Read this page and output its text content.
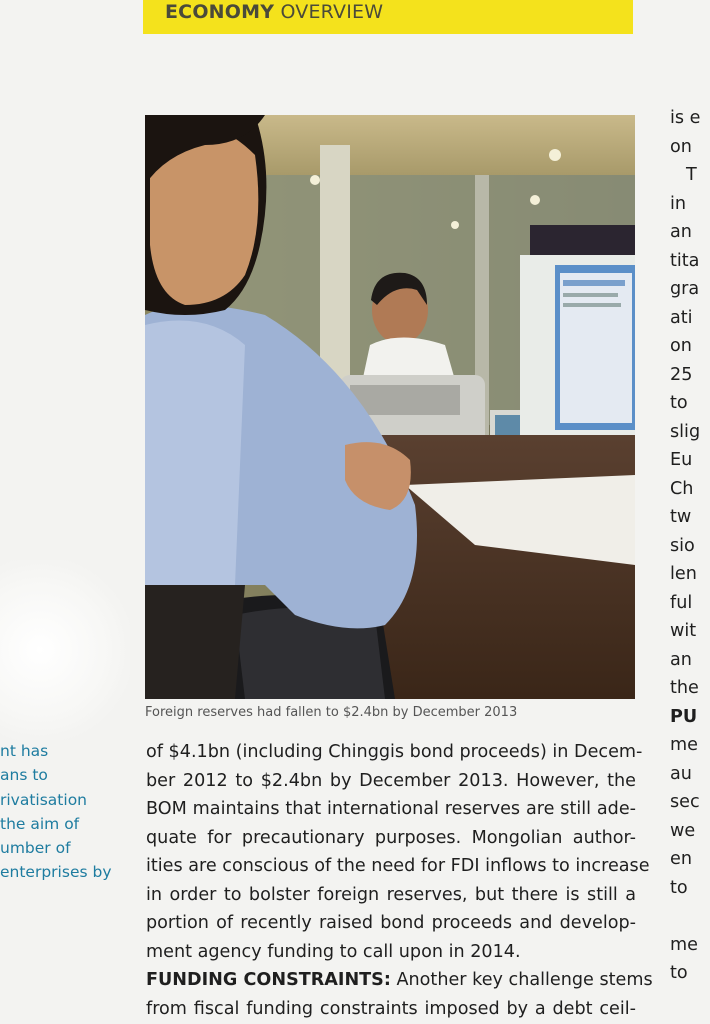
ECONOMY OVERVIEW
Foreign reserves had fallen to $2.4bn by December 2013
nt has
ans to
rivatisation
the aim of
umber of
enterprises by
of $4.1bn (including Chinggis bond proceeds) in Decem-
ber 2012 to $2.4bn by December 2013. However, the
BOM maintains that international reserves are still ade-
quate for precautionary purposes. Mongolian author-
ities are conscious of the need for FDI inflows to increase
in order to bolster foreign reserves, but there is still a
portion of recently raised bond proceeds and develop-
ment agency funding to call upon in 2014.
FUNDING CONSTRAINTS: Another key challenge stems
from fiscal funding constraints imposed by a debt ceil-
is e
on
T
in
an
tita
gra
ati
on
25
to
slig
Eu
Ch
tw
sio
len
ful
wit
an
the
PU
me
au
sec
we
en
to
me
to
